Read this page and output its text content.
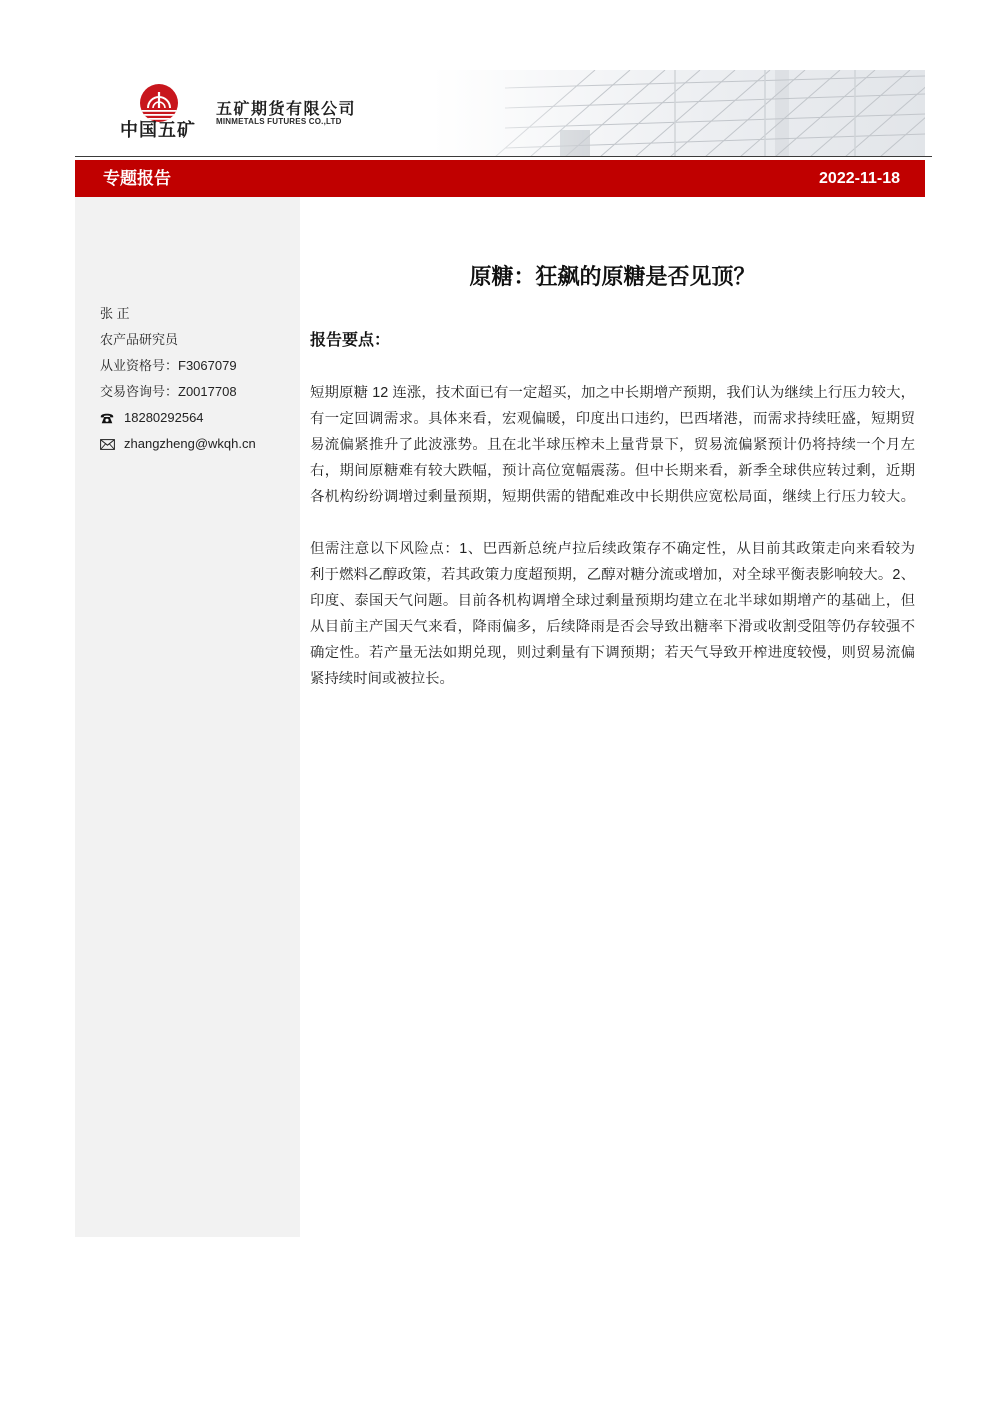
中国五矿
五矿期货有限公司
MINMETALS FUTURES CO.,LTD
专题报告	2022-11-18
张 正
农产品研究员
从业资格号：F3067079
交易咨询号：Z0017708
18280292564
zhangzheng@wkqh.cn
原糖：狂飙的原糖是否见顶？
报告要点：
短期原糖 12 连涨，技术面已有一定超买，加之中长期增产预期，我们认为继续上行压力较大，
有一定回调需求。具体来看，宏观偏暖，印度出口违约，巴西堵港，而需求持续旺盛，短期贸
易流偏紧推升了此波涨势。且在北半球压榨未上量背景下，贸易流偏紧预计仍将持续一个月左
右，期间原糖难有较大跌幅，预计高位宽幅震荡。但中长期来看，新季全球供应转过剩，近期
各机构纷纷调增过剩量预期，短期供需的错配难改中长期供应宽松局面，继续上行压力较大。
但需注意以下风险点：1、巴西新总统卢拉后续政策存不确定性，从目前其政策走向来看较为
利于燃料乙醇政策，若其政策力度超预期，乙醇对糖分流或增加，对全球平衡表影响较大。2、
印度、泰国天气问题。目前各机构调增全球过剩量预期均建立在北半球如期增产的基础上，但
从目前主产国天气来看，降雨偏多，后续降雨是否会导致出糖率下滑或收割受阻等仍存较强不
确定性。若产量无法如期兑现，则过剩量有下调预期；若天气导致开榨进度较慢，则贸易流偏
紧持续时间或被拉长。
